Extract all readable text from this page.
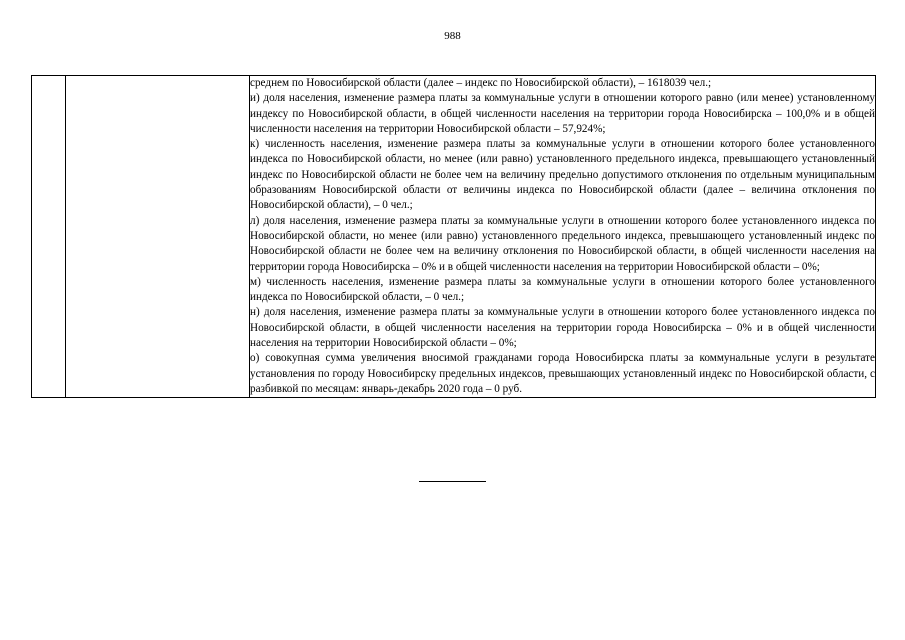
988

среднем по Новосибирской области (далее – индекс по Новосибирской области), – 1618039 чел.;

и) доля населения, изменение размера платы за коммунальные услуги в отношении которого равно (или менее) установленному индексу по Новосибирской области, в общей численности населения на территории города Новосибирска – 100,0% и в общей численности населения на территории Новосибирской области – 57,924%;

к) численность населения, изменение размера платы за коммунальные услуги в отношении которого более установленного индекса по Новосибирской области, но менее (или равно) установленного предельного индекса, превышающего установленный индекс по Новосибирской области не более чем на величину предельно допустимого отклонения по отдельным муниципальным образованиям Новосибирской области от величины индекса по Новосибирской области (далее – величина отклонения по Новосибирской области), – 0 чел.;

л) доля населения, изменение размера платы за коммунальные услуги в отношении которого более установленного индекса по Новосибирской области, но менее (или равно) установленного предельного индекса, превышающего установленный индекс по Новосибирской области не более чем на величину отклонения по Новосибирской области, в общей численности населения на территории города Новосибирска – 0% и в общей численности населения на территории Новосибирской области – 0%;

м) численность населения, изменение размера платы за коммунальные услуги в отношении которого более установленного индекса по Новосибирской области, – 0 чел.;

н) доля населения, изменение размера платы за коммунальные услуги в отношении которого более установленного индекса по Новосибирской области, в общей численности населения на территории города Новосибирска – 0% и в общей численности населения на территории Новосибирской области – 0%;

о) совокупная сумма увеличения вносимой гражданами города Новосибирска платы за коммунальные услуги в результате установления по городу Новосибирску предельных индексов, превышающих установленный индекс по Новосибирской области, с разбивкой по месяцам: январь-декабрь 2020 года – 0 руб.
